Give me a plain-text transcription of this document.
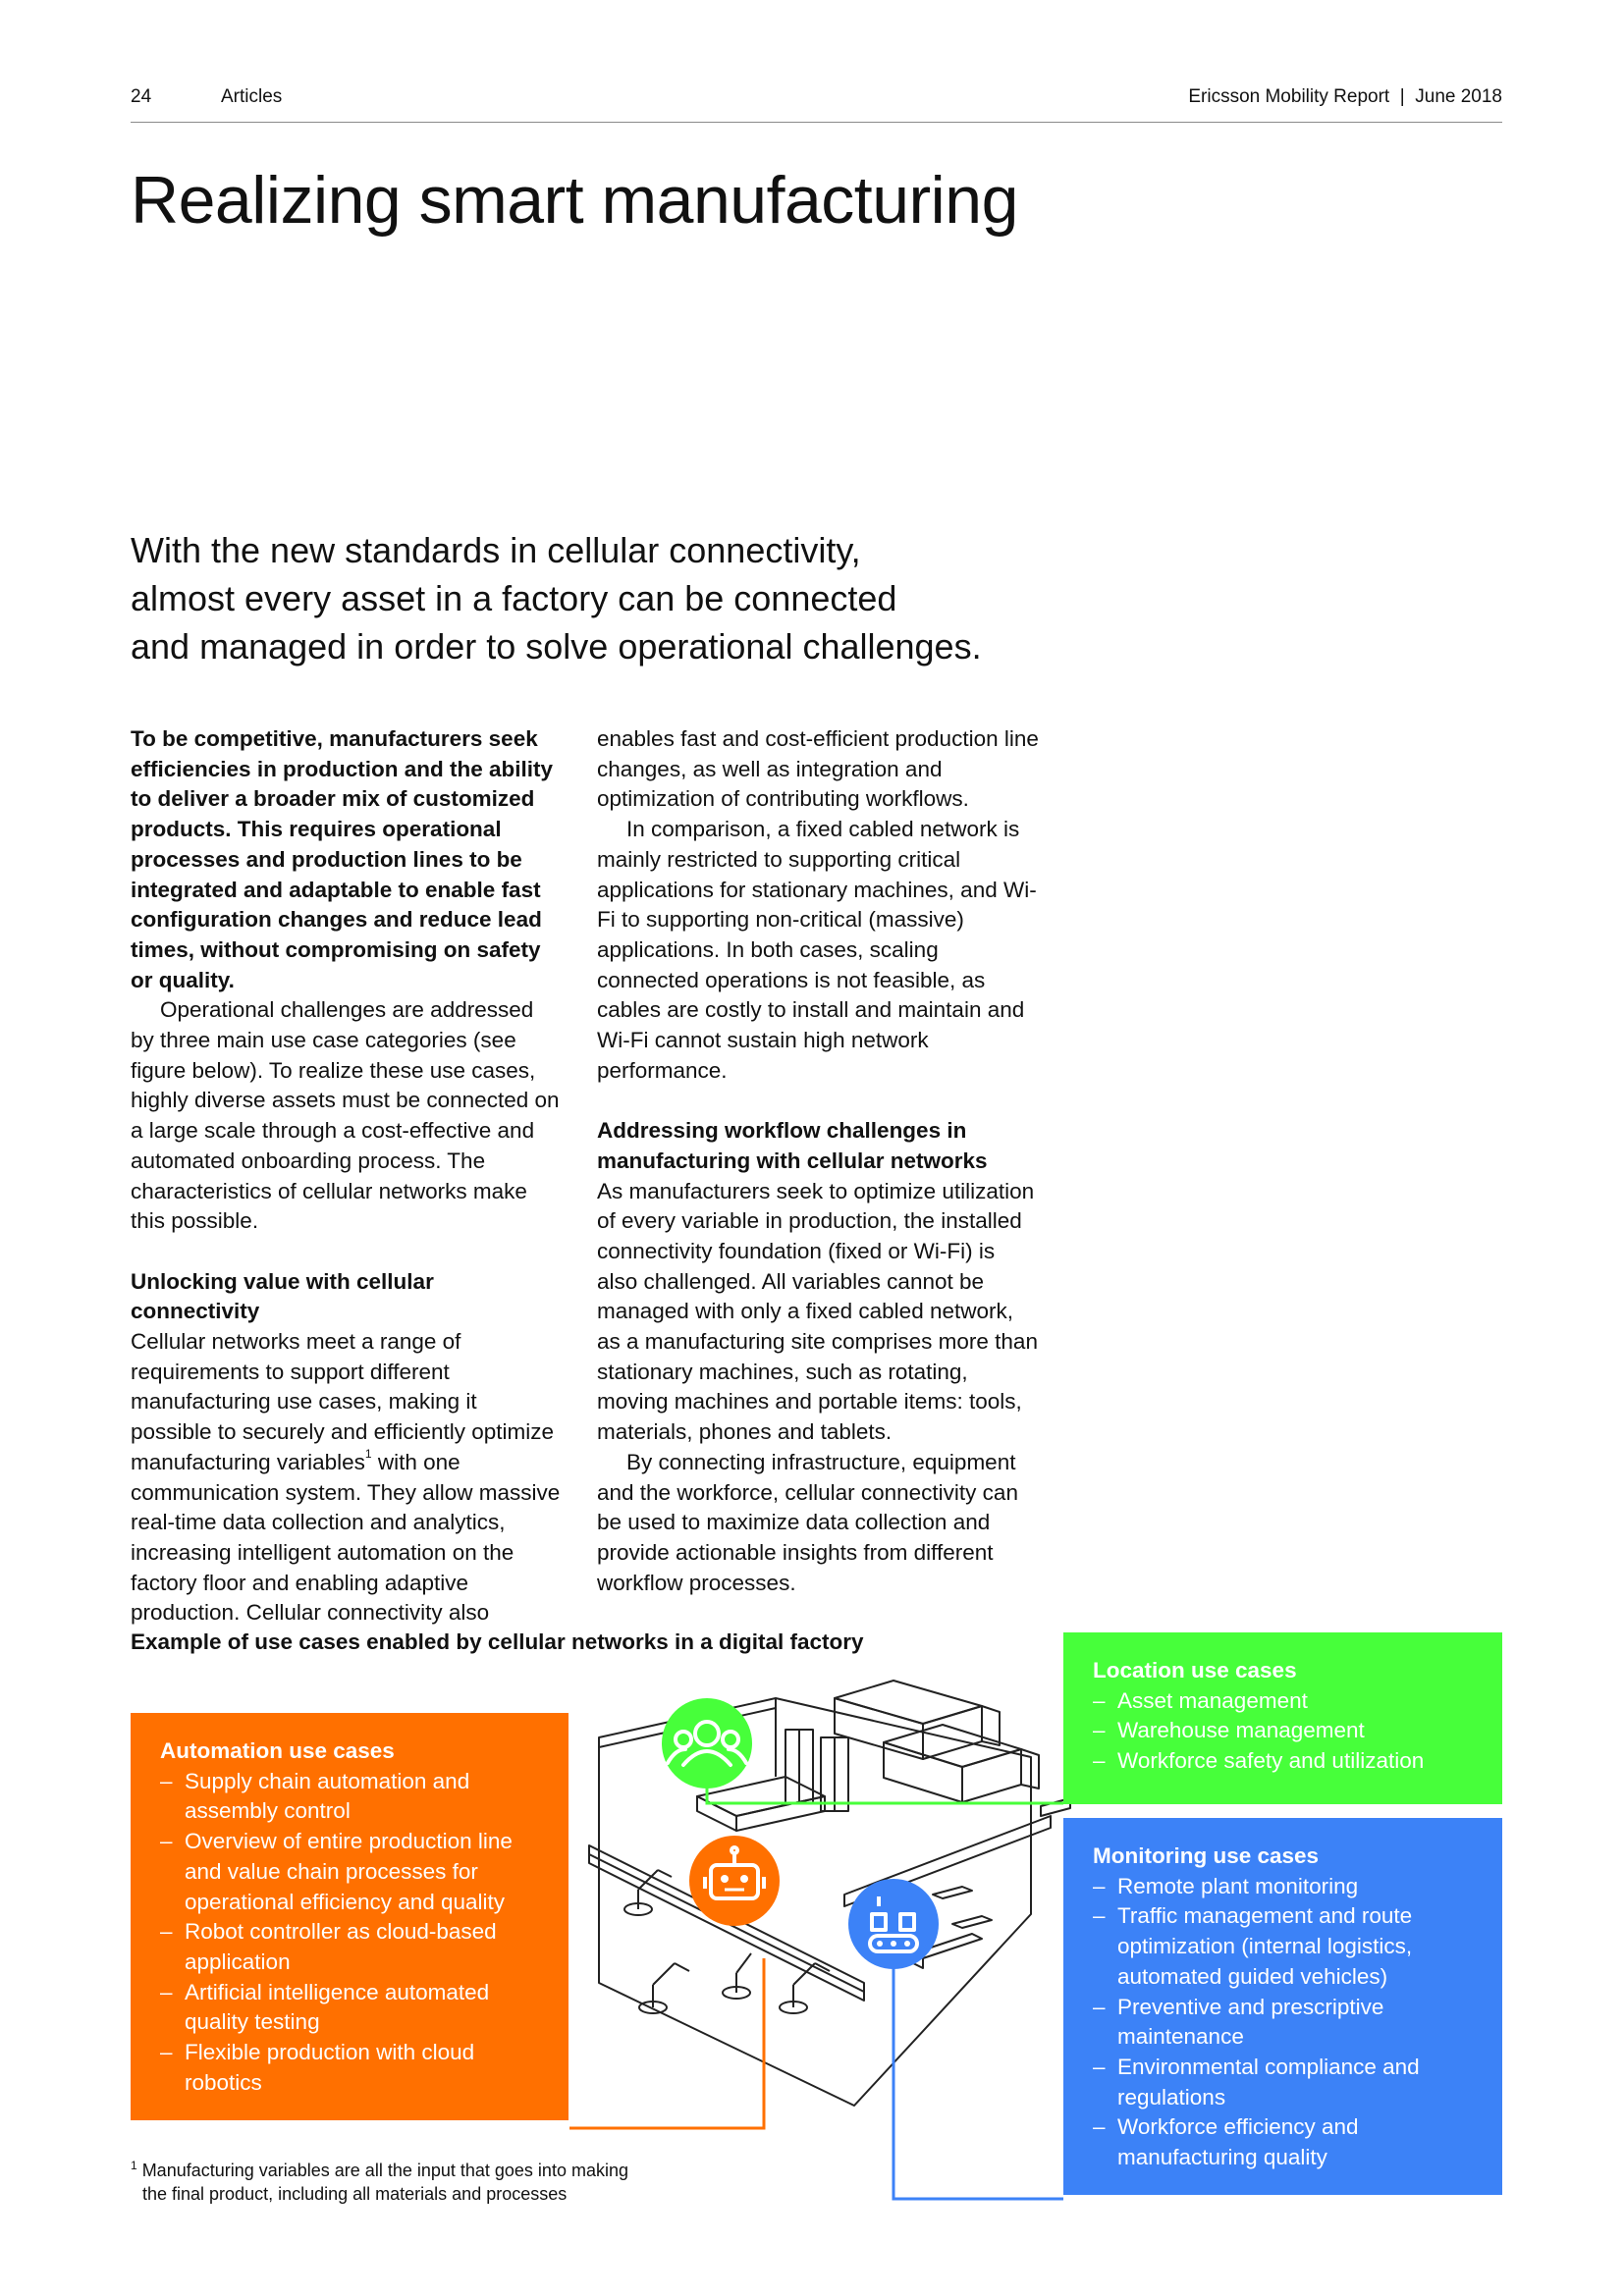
24	Articles	Ericsson Mobility Report | June 2018
Realizing smart manufacturing
With the new standards in cellular connectivity,
almost every asset in a factory can be connected
and managed in order to solve operational challenges.

To be competitive, manufacturers seek efficiencies in production and the ability to deliver a broader mix of customized products. This requires operational processes and production lines to be integrated and adaptable to enable fast configuration changes and reduce lead times, without compromising on safety or quality.

Operational challenges are addressed by three main use case categories (see figure below). To realize these use cases, highly diverse assets must be connected on a large scale through a cost-effective and automated onboarding process. The characteristics of cellular networks make this possible.

Unlocking value with cellular connectivity

Cellular networks meet a range of requirements to support different manufacturing use cases, making it possible to securely and efficiently optimize manufacturing variables$^1$ with one communication system. They allow massive real-time data collection and analytics, increasing intelligent automation on the factory floor and enabling adaptive production. Cellular connectivity also

enables fast and cost-efficient production line changes, as well as integration and optimization of contributing workflows.

In comparison, a fixed cabled network is mainly restricted to supporting critical applications for stationary machines, and Wi-Fi to supporting non-critical (massive) applications. In both cases, scaling connected operations is not feasible, as cables are costly to install and maintain and Wi-Fi cannot sustain high network performance.

Addressing workflow challenges in manufacturing with cellular networks

As manufacturers seek to optimize utilization of every variable in production, the installed connectivity foundation (fixed or Wi-Fi) is also challenged. All variables cannot be managed with only a fixed cabled network, as a manufacturing site comprises more than stationary machines, such as rotating, moving machines and portable items: tools, materials, phones and tablets.

By connecting infrastructure, equipment and the workforce, cellular connectivity can be used to maximize data collection and provide actionable insights from different workflow processes.

Example of use cases enabled by cellular networks in a digital factory
Automation use cases
– Supply chain automation and assembly control
– Overview of entire production line and value chain processes for operational efficiency and quality
– Robot controller as cloud-based application
– Artificial intelligence automated quality testing
– Flexible production with cloud robotics
Location use cases
– Asset management
– Warehouse management
– Workforce safety and utilization
Monitoring use cases
– Remote plant monitoring
– Traffic management and route optimization (internal logistics, automated guided vehicles)
– Preventive and prescriptive maintenance
– Environmental compliance and regulations
– Workforce efficiency and manufacturing quality
$^1$ Manufacturing variables are all the input that goes into making
the final product, including all materials and processes
